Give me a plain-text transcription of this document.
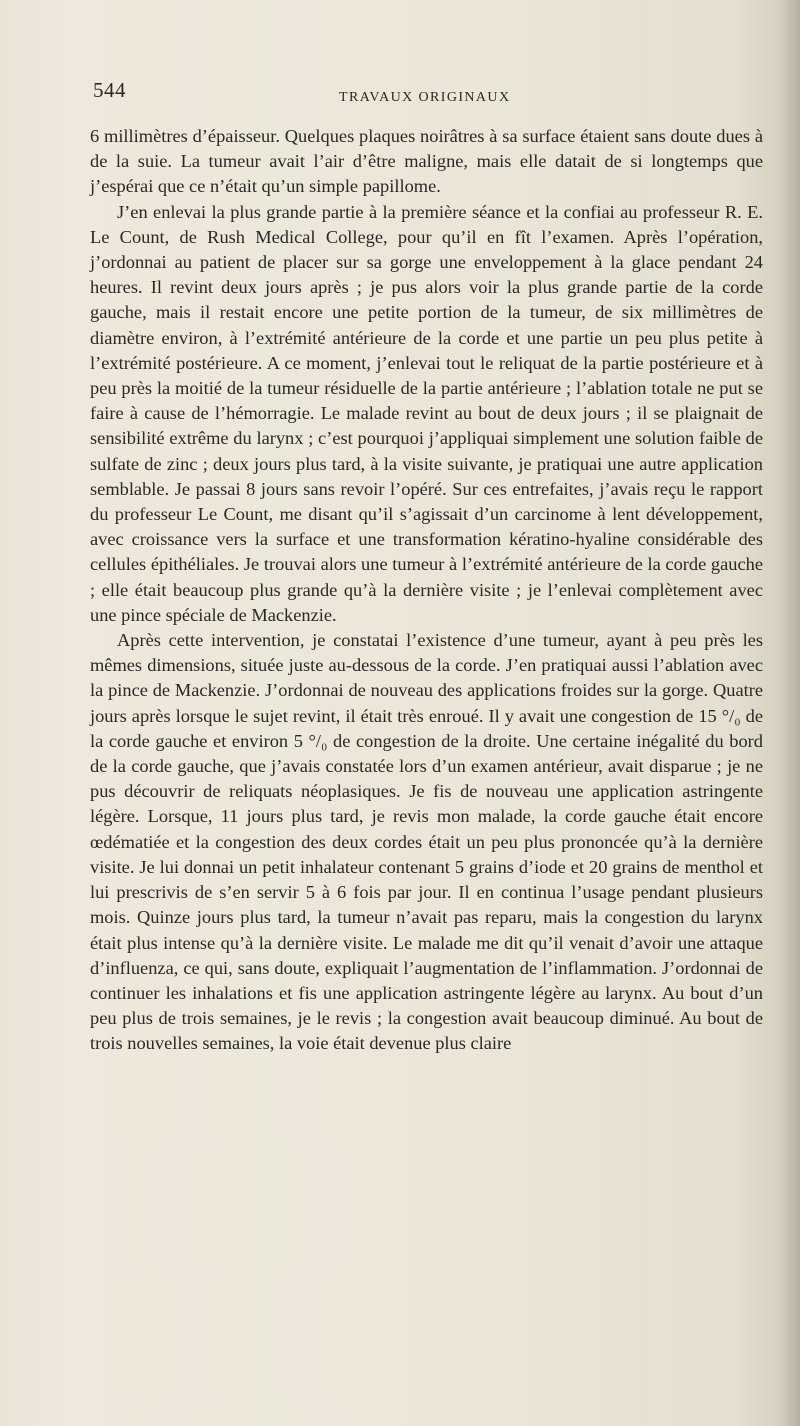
544	TRAVAUX ORIGINAUX

6 millimètres d’épaisseur. Quelques plaques noirâtres à sa surface étaient sans doute dues à de la suie. La tumeur avait l’air d’être maligne, mais elle datait de si longtemps que j’espérai que ce n’était qu’un simple papillome.

J’en enlevai la plus grande partie à la première séance et la confiai au professeur R. E. Le Count, de Rush Medical College, pour qu’il en fît l’examen. Après l’opération, j’ordonnai au patient de placer sur sa gorge une enveloppement à la glace pendant 24 heures. Il revint deux jours après ; je pus alors voir la plus grande partie de la corde gauche, mais il restait encore une petite portion de la tumeur, de six millimètres de diamètre environ, à l’extrémité antérieure de la corde et une partie un peu plus petite à l’extrémité postérieure. A ce moment, j’enlevai tout le reliquat de la partie postérieure et à peu près la moitié de la tumeur résiduelle de la partie antérieure ; l’ablation totale ne put se faire à cause de l’hémorragie. Le malade revint au bout de deux jours ; il se plaignait de sensibilité extrême du larynx ; c’est pourquoi j’appliquai simplement une solution faible de sulfate de zinc ; deux jours plus tard, à la visite suivante, je pratiquai une autre application semblable. Je passai 8 jours sans revoir l’opéré. Sur ces entrefaites, j’avais reçu le rapport du professeur Le Count, me disant qu’il s’agissait d’un carcinome à lent développement, avec croissance vers la surface et une transformation kératino-hyaline considérable des cellules épithéliales. Je trouvai alors une tumeur à l’extrémité antérieure de la corde gauche ; elle était beaucoup plus grande qu’à la dernière visite ; je l’enlevai complètement avec une pince spéciale de Mackenzie.

Après cette intervention, je constatai l’existence d’une tumeur, ayant à peu près les mêmes dimensions, située juste au-dessous de la corde. J’en pratiquai aussi l’ablation avec la pince de Mackenzie. J’ordonnai de nouveau des applications froides sur la gorge. Quatre jours après lorsque le sujet revint, il était très enroué. Il y avait une congestion de 15 °/₀ de la corde gauche et environ 5 °/₀ de congestion de la droite. Une certaine inégalité du bord de la corde gauche, que j’avais constatée lors d’un examen antérieur, avait disparue ; je ne pus découvrir de reliquats néoplasiques. Je fis de nouveau une application astringente légère. Lorsque, 11 jours plus tard, je revis mon malade, la corde gauche était encore œdématiée et la congestion des deux cordes était un peu plus prononcée qu’à la dernière visite. Je lui donnai un petit inhalateur contenant 5 grains d’iode et 20 grains de menthol et lui prescrivis de s’en servir 5 à 6 fois par jour. Il en continua l’usage pendant plusieurs mois. Quinze jours plus tard, la tumeur n’avait pas reparu, mais la congestion du larynx était plus intense qu’à la dernière visite. Le malade me dit qu’il venait d’avoir une attaque d’influenza, ce qui, sans doute, expliquait l’augmentation de l’inflammation. J’ordonnai de continuer les inhalations et fis une application astringente légère au larynx. Au bout d’un peu plus de trois semaines, je le revis ; la congestion avait beaucoup diminué. Au bout de trois nouvelles semaines, la voie était devenue plus claire
